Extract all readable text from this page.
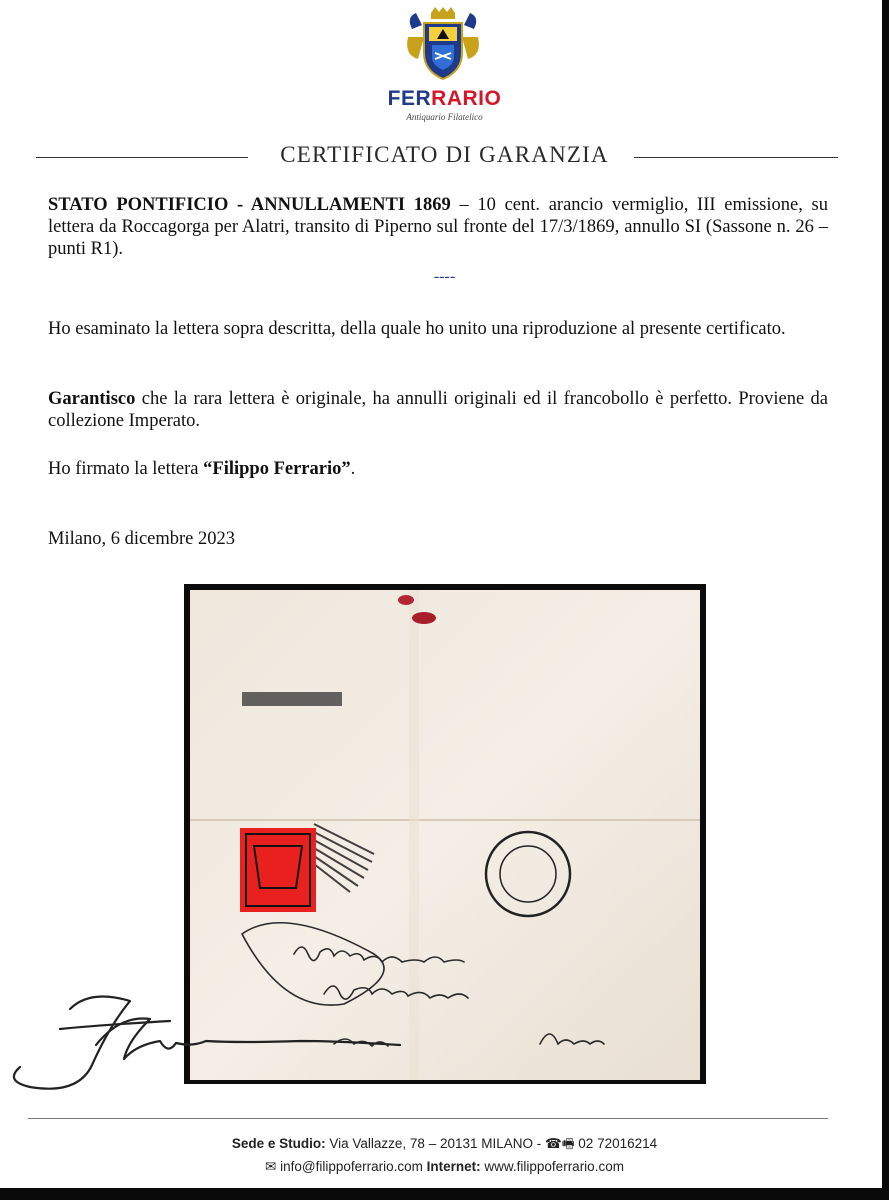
FERRARIO
Antiquario Filatelico
CERTIFICATO DI GARANZIA
STATO PONTIFICIO - ANNULLAMENTI 1869 – 10 cent. arancio vermiglio, III emissione, su lettera da Roccagorga per Alatri, transito di Piperno sul fronte del 17/3/1869, annullo SI (Sassone n. 26 – punti R1).
----
Ho esaminato la lettera sopra descritta, della quale ho unito una riproduzione al presente certificato.
Garantisco che la rara lettera è originale, ha annulli originali ed il francobollo è perfetto. Proviene da collezione Imperato.
Ho firmato la lettera “Filippo Ferrario”.
Milano, 6 dicembre 2023
Sede e Studio: Via Vallazze, 78 – 20131 MILANO - ☎🖷 02 72016214
✉ info@filippoferrario.com Internet: www.filippoferrario.com
